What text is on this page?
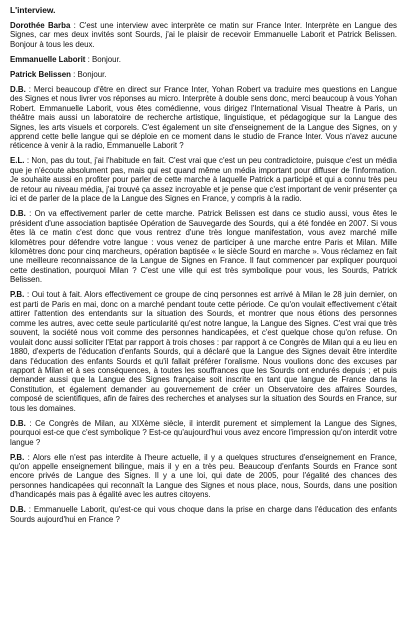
L'interview.

Dorothée Barba : C'est une interview avec interprète ce matin sur France Inter. Interprète en Langue des Signes, car mes deux invités sont Sourds, j'ai le plaisir de recevoir Emmanuelle Laborit et Patrick Belissen. Bonjour à tous les deux.

Emmanuelle Laborit : Bonjour.

Patrick Belissen : Bonjour.

D.B. : Merci beaucoup d'être en direct sur France Inter, Yohan Robert va traduire mes questions en Langue des Signes et nous livrer vos réponses au micro. Interprète à double sens donc, merci beaucoup à vous Yohan Robert. Emmanuelle Laborit, vous êtes comédienne, vous dirigez l'International Visual Theatre à Paris, un théâtre mais aussi un laboratoire de recherche artistique, linguistique, et pédagogique sur la Langue des Signes, les arts visuels et corporels. C'est également un site d'enseignement de la Langue des Signes, on y apprend cette belle langue qui se déploie en ce moment dans le studio de France Inter. Vous n'avez aucune réticence à venir à la radio, Emmanuelle Laborit ?

E.L. : Non, pas du tout, j'ai l'habitude en fait. C'est vrai que c'est un peu contradictoire, puisque c'est un média que je n'écoute absolument pas, mais qui est quand même un média important pour diffuser de l'information. Je souhaite aussi en profiter pour parler de cette marche à laquelle Patrick a participé et qui a connu très peu de retour au niveau média, j'ai trouvé ça assez incroyable et je pense que c'est important de venir présenter ça ici et de parler de la place de la Langue des Signes en France, y compris à la radio.

D.B. : On va effectivement parler de cette marche. Patrick Belissen est dans ce studio aussi, vous êtes le président d'une association baptisée Opération de Sauvegarde des Sourds, qui a été fondée en 2007. Si vous êtes là ce matin c'est donc que vous rentrez d'une très longue manifestation, vous avez marché mille kilomètres pour défendre votre langue : vous venez de participer à une marche entre Paris et Milan. Mille kilomètres donc pour cinq marcheurs, opération baptisée « le siècle Sourd en marche ». Vous réclamez en fait une meilleure reconnaissance de la Langue de Signes en France. Il faut commencer par expliquer pourquoi cette destination, pourquoi Milan ? C'est une ville qui est très symbolique pour vous, les Sourds, Patrick Belissen.

P.B. : Oui tout à fait. Alors effectivement ce groupe de cinq personnes est arrivé à Milan le 28 juin dernier, on est parti de Paris en mai, donc on a marché pendant toute cette période. Ce qu'on voulait effectivement c'était attirer l'attention des entendants sur la situation des Sourds, et montrer que nous étions des personnes comme les autres, avec cette seule particularité qu'est notre langue, la Langue des Signes. C'est vrai que très souvent, la société nous voit comme des personnes handicapées, et c'est quelque chose qu'on refuse. On voulait donc aussi solliciter l'Etat par rapport à trois choses : par rapport à ce Congrès de Milan qui a eu lieu en 1880, d'experts de l'éducation d'enfants Sourds, qui a déclaré que la Langue des Signes devait être interdite dans l'éducation des enfants Sourds et qu'il fallait préférer l'oralisme. Nous voulions donc des excuses par rapport à Milan et à ses conséquences, à toutes les souffrances que les Sourds ont endurés depuis ; et puis demander aussi que la Langue des Signes française soit inscrite en tant que langue de France dans la Constitution, et également demander au gouvernement de créer un Observatoire des affaires Sourdes, composé de scientifiques, afin de faires des recherches et analyses sur la situation des Sourds en France, sur tous les domaines.

D.B. : Ce Congrès de Milan, au XIXème siècle, il interdit purement et simplement la Langue des Signes, pourquoi est-ce que c'est symbolique ? Est-ce qu'aujourd'hui vous avez encore l'impression qu'on interdit votre langue ?

P.B. : Alors elle n'est pas interdite à l'heure actuelle, il y a quelques structures d'enseignement en France, qu'on appelle enseignement bilingue, mais il y en a très peu. Beaucoup d'enfants Sourds en France sont encore privés de Langue des Signes. Il y a une loi, qui date de 2005, pour l'égalité des chances des personnes handicapées qui reconnaît la Langue des Signes et nous place, nous, Sourds, dans une position d'handicapés mais pas à égalité avec les autres citoyens.

D.B. : Emmanuelle Laborit, qu'est-ce qui vous choque dans la prise en charge dans l'éducation des enfants Sourds aujourd'hui en France ?
